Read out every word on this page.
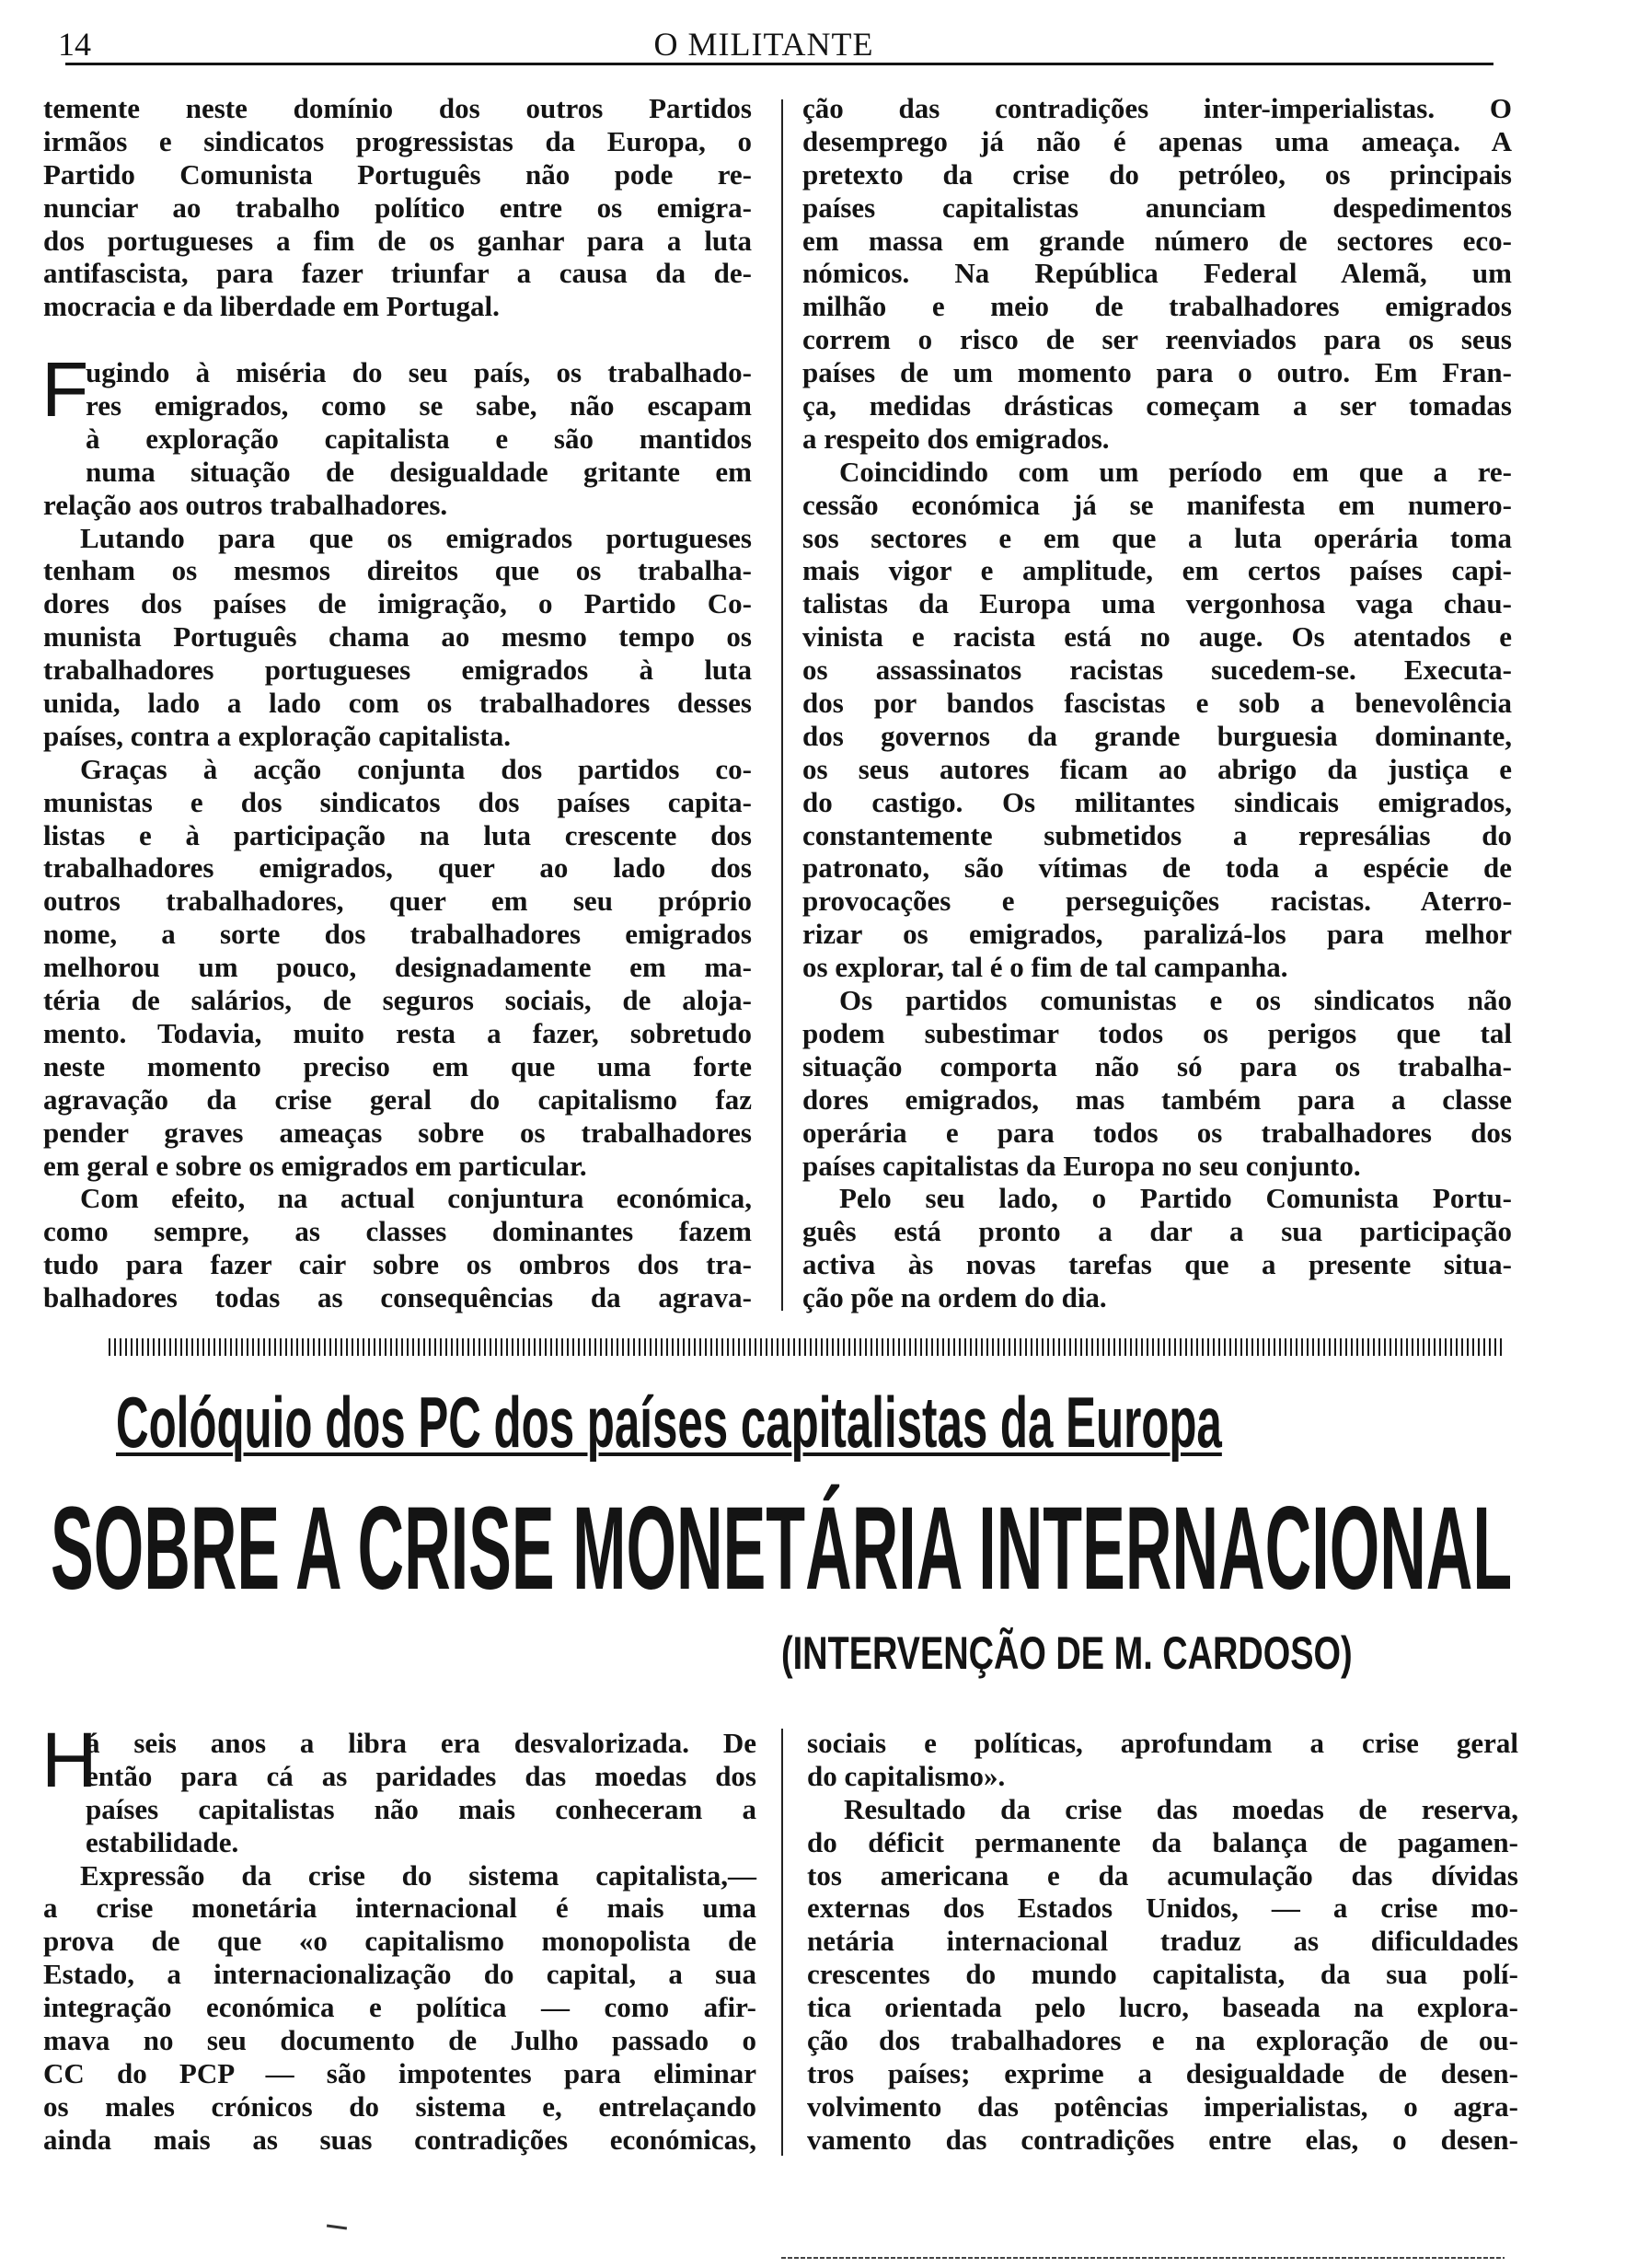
14	O MILITANTE
temente neste domínio dos outros Partidos
irmãos e sindicatos progressistas da Europa, o
Partido Comunista Português não pode re-
nunciar ao trabalho político entre os emigra-
dos portugueses a fim de os ganhar para a luta
antifascista, para fazer triunfar a causa da de-
mocracia e da liberdade em Portugal.
F
ugindo à miséria do seu país, os trabalhado-
res emigrados, como se sabe, não escapam
à exploração capitalista e são mantidos
numa situação de desigualdade gritante em
relação aos outros trabalhadores.
Lutando para que os emigrados portugueses
tenham os mesmos direitos que os trabalha-
dores dos países de imigração, o Partido Co-
munista Português chama ao mesmo tempo os
trabalhadores portugueses emigrados à luta
unida, lado a lado com os trabalhadores desses
países, contra a exploração capitalista.
Graças à acção conjunta dos partidos co-
munistas e dos sindicatos dos países capita-
listas e à participação na luta crescente dos
trabalhadores emigrados, quer ao lado dos
outros trabalhadores, quer em seu próprio
nome, a sorte dos trabalhadores emigrados
melhorou um pouco, designadamente em ma-
téria de salários, de seguros sociais, de aloja-
mento. Todavia, muito resta a fazer, sobretudo
neste momento preciso em que uma forte
agravação da crise geral do capitalismo faz
pender graves ameaças sobre os trabalhadores
em geral e sobre os emigrados em particular.
Com efeito, na actual conjuntura económica,
como sempre, as classes dominantes fazem
tudo para fazer cair sobre os ombros dos tra-
balhadores todas as consequências da agrava-
ção das contradições inter-imperialistas. O
desemprego já não é apenas uma ameaça. A
pretexto da crise do petróleo, os principais
países capitalistas anunciam despedimentos
em massa em grande número de sectores eco-
nómicos. Na República Federal Alemã, um
milhão e meio de trabalhadores emigrados
correm o risco de ser reenviados para os seus
países de um momento para o outro. Em Fran-
ça, medidas drásticas começam a ser tomadas
a respeito dos emigrados.
Coincidindo com um período em que a re-
cessão económica já se manifesta em numero-
sos sectores e em que a luta operária toma
mais vigor e amplitude, em certos países capi-
talistas da Europa uma vergonhosa vaga chau-
vinista e racista está no auge. Os atentados e
os assassinatos racistas sucedem-se. Executa-
dos por bandos fascistas e sob a benevolência
dos governos da grande burguesia dominante,
os seus autores ficam ao abrigo da justiça e
do castigo. Os militantes sindicais emigrados,
constantemente submetidos a represálias do
patronato, são vítimas de toda a espécie de
provocações e perseguições racistas. Aterro-
rizar os emigrados, paralizá-los para melhor
os explorar, tal é o fim de tal campanha.
Os partidos comunistas e os sindicatos não
podem subestimar todos os perigos que tal
situação comporta não só para os trabalha-
dores emigrados, mas também para a classe
operária e para todos os trabalhadores dos
países capitalistas da Europa no seu conjunto.
Pelo seu lado, o Partido Comunista Portu-
guês está pronto a dar a sua participação
activa às novas tarefas que a presente situa-
ção põe na ordem do dia.
Colóquio dos PC dos países capitalistas da Europa
SOBRE A CRISE MONETÁRIA INTERNACIONAL
(INTERVENÇÃO DE M. CARDOSO)
H
á seis anos a libra era desvalorizada. De
então para cá as paridades das moedas dos
países capitalistas não mais conheceram a
estabilidade.
Expressão da crise do sistema capitalista,—
a crise monetária internacional é mais uma
prova de que «o capitalismo monopolista de
Estado, a internacionalização do capital, a sua
integração económica e política — como afir-
mava no seu documento de Julho passado o
CC do PCP — são impotentes para eliminar
os males crónicos do sistema e, entrelaçando
ainda mais as suas contradições económicas,
sociais e políticas, aprofundam a crise geral
do capitalismo».
Resultado da crise das moedas de reserva,
do déficit permanente da balança de pagamen-
tos americana e da acumulação das dívidas
externas dos Estados Unidos, — a crise mo-
netária internacional traduz as dificuldades
crescentes do mundo capitalista, da sua polí-
tica orientada pelo lucro, baseada na explora-
ção dos trabalhadores e na exploração de ou-
tros países; exprime a desigualdade de desen-
volvimento das potências imperialistas, o agra-
vamento das contradições entre elas, o desen-
